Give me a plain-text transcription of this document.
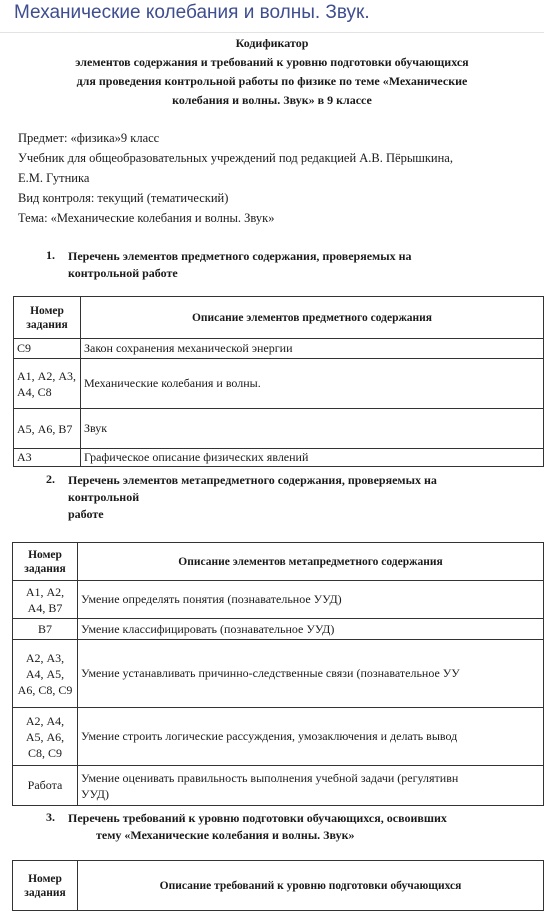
Механические колебания и волны. Звук.
Кодификатор
элементов содержания и требований к уровню подготовки обучающихся
для проведения контрольной работы по физике по теме «Механические
колебания и волны. Звук» в 9 классе
Предмет: «физика»9 класс
Учебник для общеобразовательных учреждений под редакцией А.В. Пёрышкина,
Е.М. Гутника
Вид контроля: текущий (тематический)
Тема: «Механические колебания и волны. Звук»
1. Перечень элементов предметного содержания, проверяемых на
контрольной работе
Номер задания	Описание элементов предметного содержания
С9	Закон сохранения механической энергии
А1, А2, А3, А4, С8	Механические колебания и волны.
А5, А6, В7	Звук
А3	Графическое описание физических явлений
2. Перечень элементов метапредметного содержания, проверяемых на
контрольной
работе
Номер задания	Описание элементов метапредметного содержания
А1, А2, А4, В7	Умение определять понятия (познавательное УУД)
В7	Умение классифицировать (познавательное УУД)
А2, А3, А4, А5, А6, С8, С9	Умение устанавливать причинно-следственные связи (познавательное УУ
А2, А4, А5, А6, С8, С9	Умение строить логические рассуждения, умозаключения и делать вывод
Работа	Умение оценивать правильность выполнения учебной задачи (регулятивн
УУД)
3. Перечень требований к уровню подготовки обучающихся, освоивших
тему «Механические колебания и волны. Звук»
Номер задания	Описание требований к уровню подготовки обучающихся
